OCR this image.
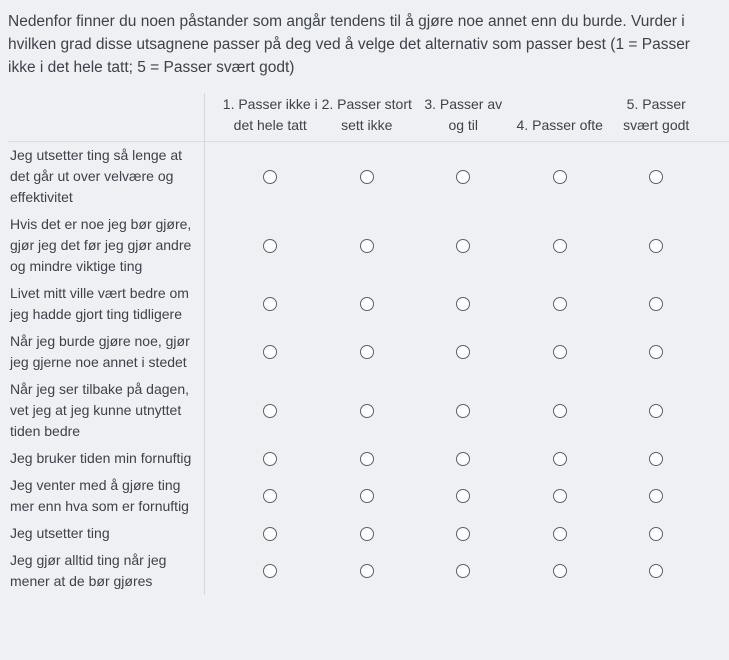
Nedenfor finner du noen påstander som angår tendens til å gjøre noe annet enn du burde. Vurder i hvilken grad disse utsagnene passer på deg ved å velge det alternativ som passer best (1 = Passer ikke i det hele tatt; 5 = Passer svært godt)

1. Passer ikke i det hele tatt
2. Passer stort sett ikke
3. Passer av og til	4. Passer ofte
5. Passer svært godt
Jeg utsetter ting så lenge at det går ut over velvære og effektivitet
Hvis det er noe jeg bør gjøre, gjør jeg det før jeg gjør andre og mindre viktige ting
Livet mitt ville vært bedre om jeg hadde gjort ting tidligere
Når jeg burde gjøre noe, gjør jeg gjerne noe annet i stedet
Når jeg ser tilbake på dagen, vet jeg at jeg kunne utnyttet tiden bedre
Jeg bruker tiden min fornuftig
Jeg venter med å gjøre ting mer enn hva som er fornuftig
Jeg utsetter ting
Jeg gjør alltid ting når jeg mener at de bør gjøres
